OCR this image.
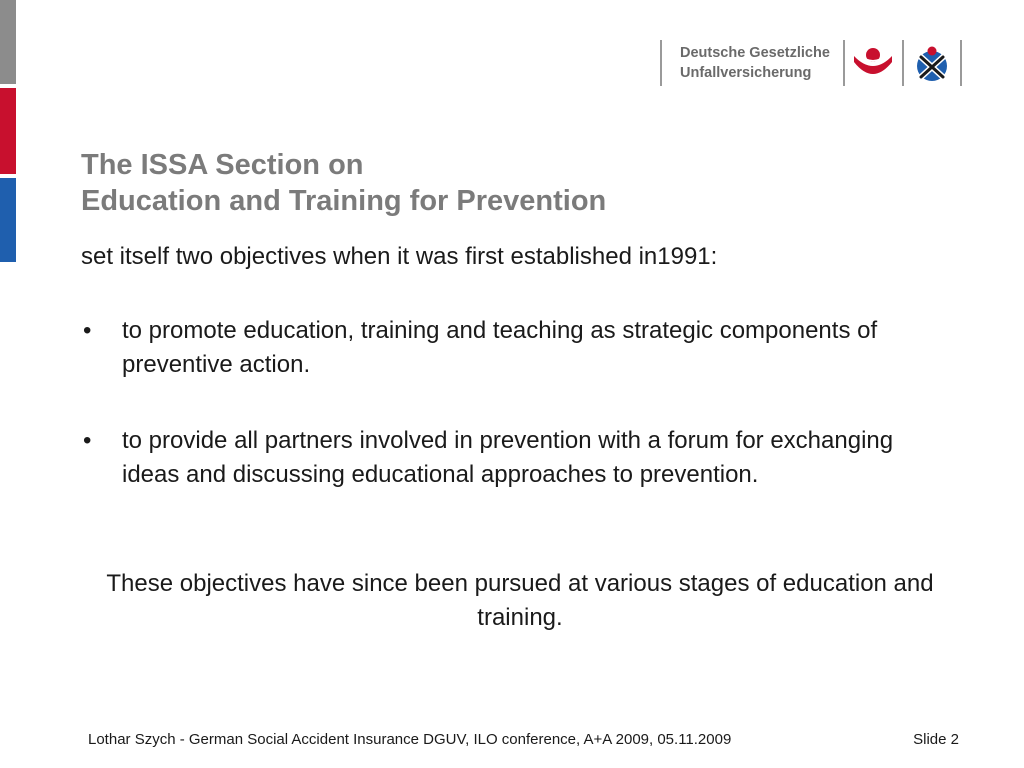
Deutsche Gesetzliche
Unfallversicherung
The ISSA Section on
Education and Training for Prevention
set itself two objectives when it was first established in1991:
• to promote education, training and teaching as strategic components of preventive action.
• to provide all partners involved in prevention with a forum for exchanging ideas and discussing educational approaches to prevention.
These objectives have since been pursued at various stages of education and training.
Lothar Szych - German Social Accident Insurance DGUV, ILO conference, A+A 2009, 05.11.2009	Slide 2
